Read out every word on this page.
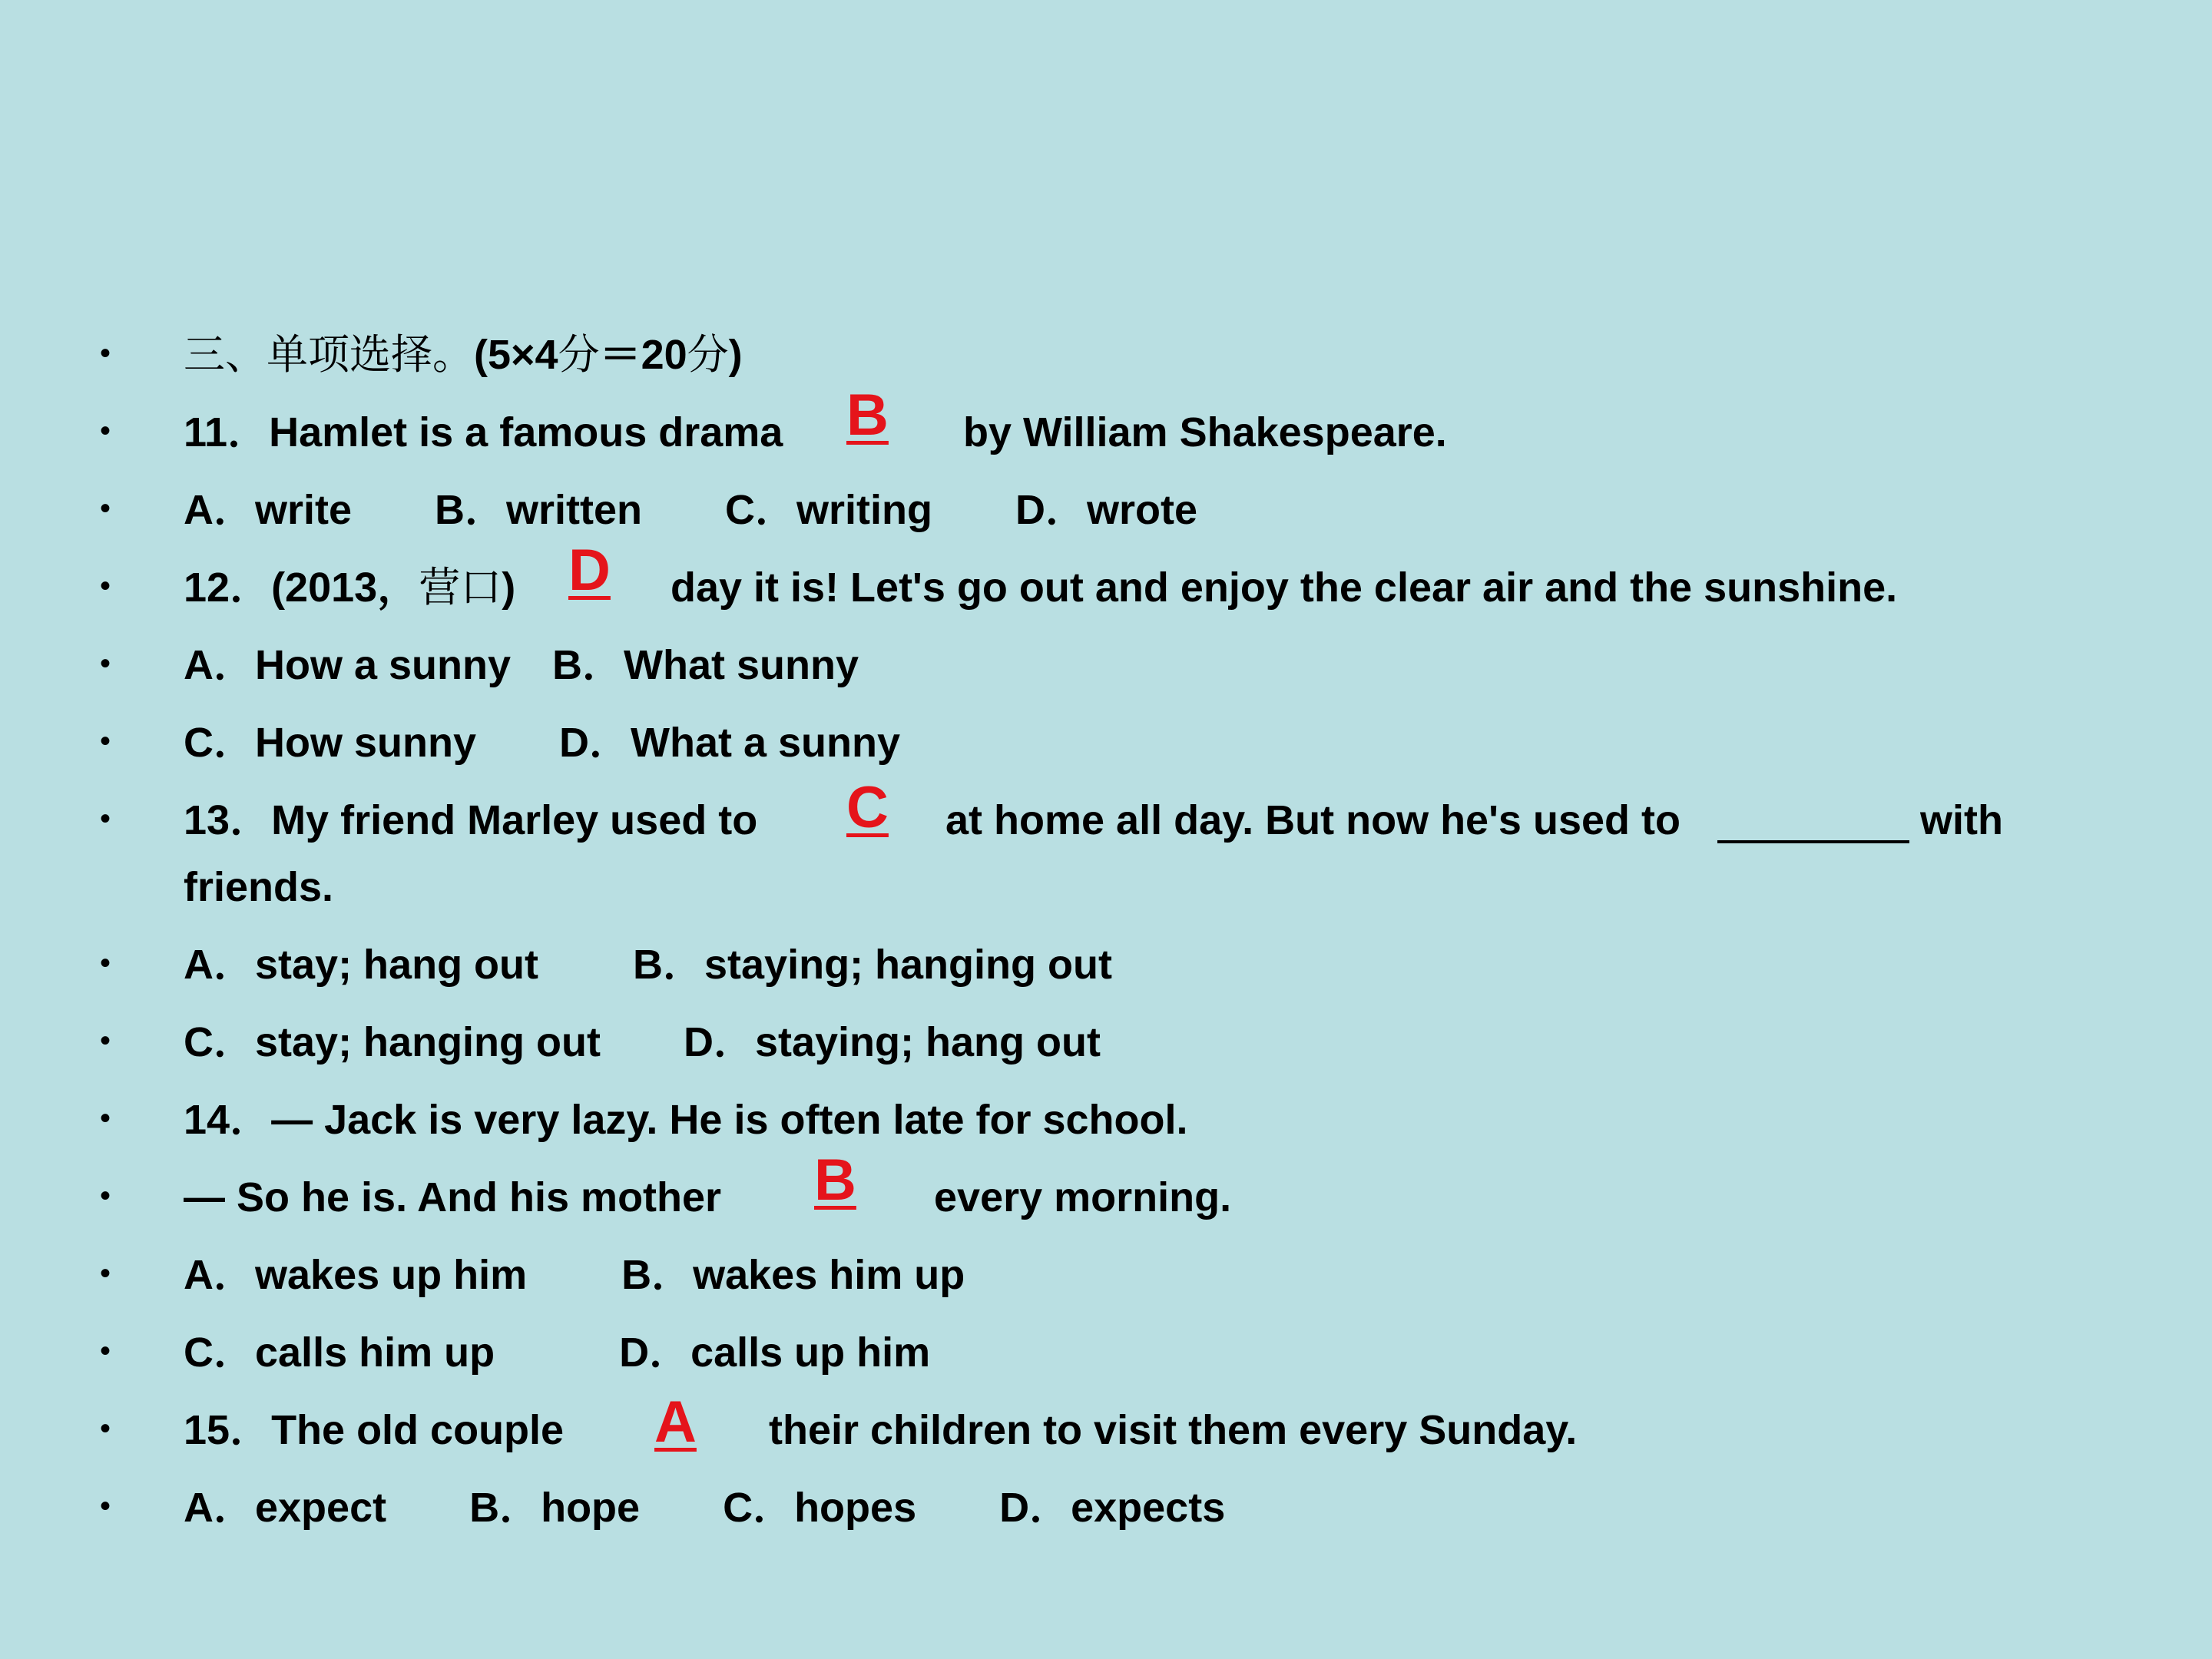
• 三、单项选择。(5×4分＝20分)
• 11．Hamlet is a famous drama B by William Shakespeare.
• A．write　　B．written　　C．writing　　D．wrote
• 12．(2013，营口) D day it is! Let's go out and enjoy the clear air and the sunshine.
• A．How a sunny　B．What sunny
• C．How sunny　　D．What a sunny
• 13．My friend Marley used to C at home all day. But now he's used to	with
friends.
• A．stay; hang out　　 B．staying; hanging out
• C．stay; hanging out　　D．staying; hang out
• 14．— Jack is very lazy. He is often late for school.
• — So he is. And his mother B every morning.
• A．wakes up him　　 B．wakes him up
• C．calls him up　　　D．calls up him
• 15．The old couple A their children to visit them every Sunday.
• A．expect　　B．hope　　C．hopes　　D．expects
